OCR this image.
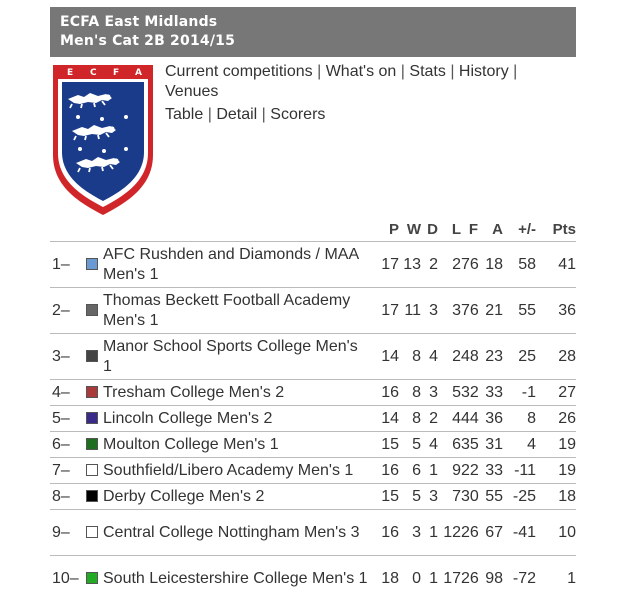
ECFA East Midlands
Men's Cat 2B 2014/15
E C F A Current competitions | What's on | Stats | History | Venues
Table | Detail | Scorers
			P	W	D	L	F	A	+/-	Pts
1–		AFC Rushden and Diamonds / MAA Men's 1	17	13	2	2	76	18	58	41
2–		Thomas Beckett Football Academy Men's 1	17	11	3	3	76	21	55	36
3–		Manor School Sports College Men's 1	14	8	4	2	48	23	25	28
4–		Tresham College Men's 2	16	8	3	5	32	33	-1	27
5–		Lincoln College Men's 2	14	8	2	4	44	36	8	26
6–		Moulton College Men's 1	15	5	4	6	35	31	4	19
7–		Southfield/Libero Academy Men's 1	16	6	1	9	22	33	-11	19
8–		Derby College Men's 2	15	5	3	7	30	55	-25	18
9–		Central College Nottingham Men's 3	16	3	1	12	26	67	-41	10
10–		South Leicestershire College Men's 1	18	0	1	17	26	98	-72	1
